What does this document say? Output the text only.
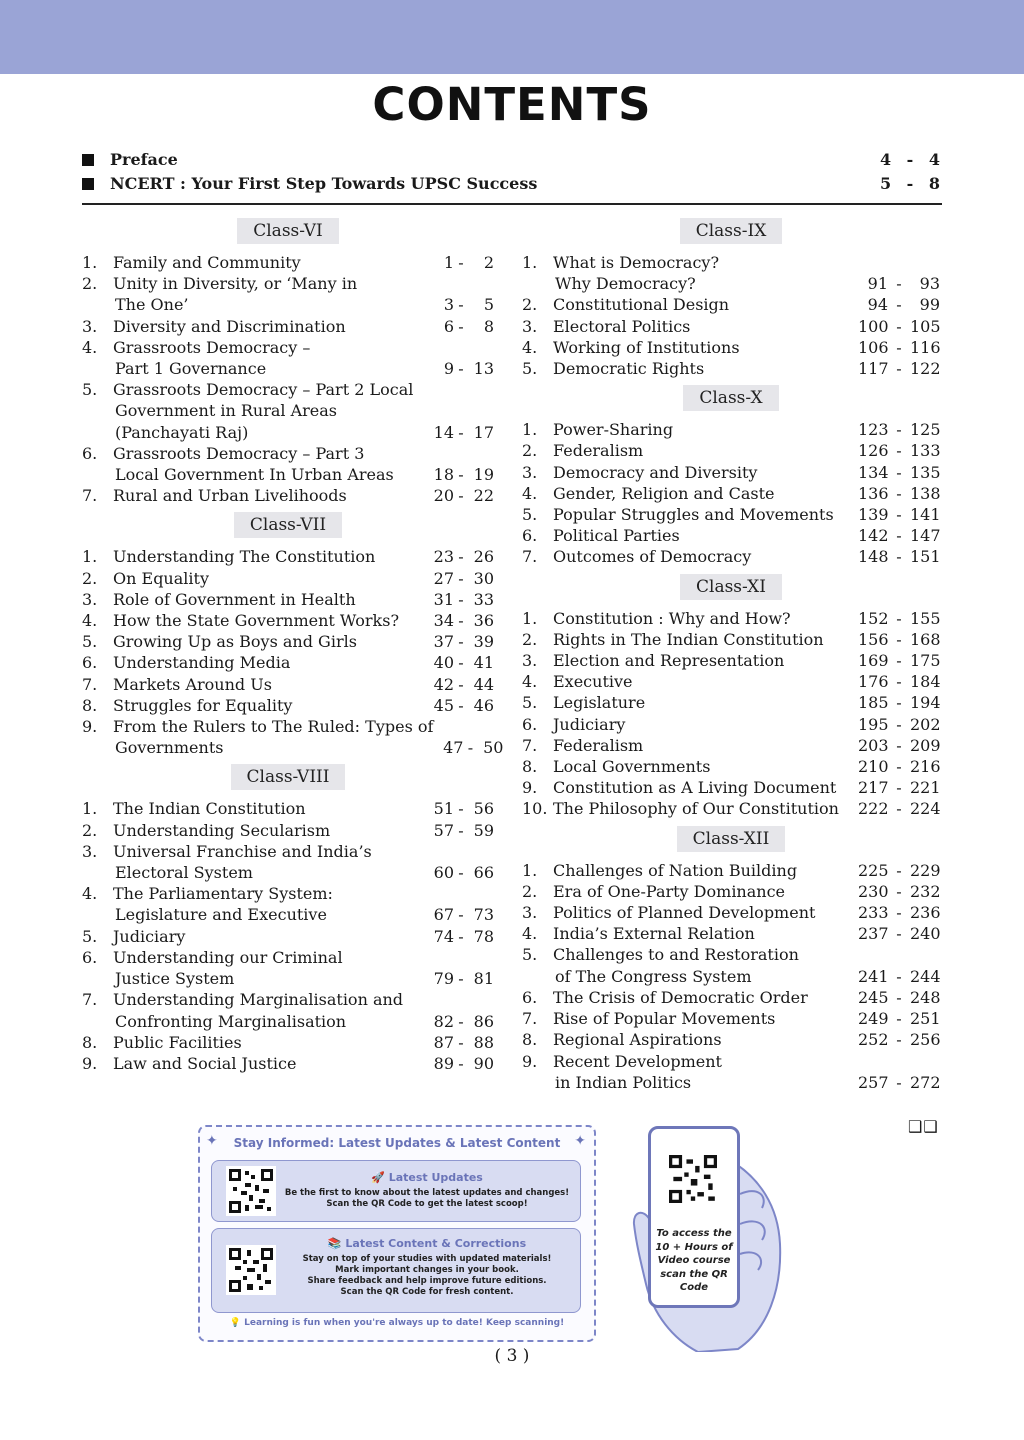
CONTENTS
Preface	4 - 4
NCERT : Your First Step Towards UPSC Success	5 - 8
Class-VI
1. Family and Community	1 -	2
2. Unity in Diversity, or ‘Many in
The One’	3 -	5
3. Diversity and Discrimination	6 -	8
4. Grassroots Democracy –
Part 1 Governance	9 - 13
5. Grassroots Democracy – Part 2 Local
Government in Rural Areas
(Panchayati Raj)	14 - 17
6. Grassroots Democracy – Part 3
Local Government In Urban Areas	18 - 19
7. Rural and Urban Livelihoods	20 - 22
Class-VII
1. Understanding The Constitution	23 - 26
2. On Equality	27 - 30
3. Role of Government in Health	31 - 33
4. How the State Government Works?	34 - 36
5. Growing Up as Boys and Girls	37 - 39
6. Understanding Media	40 - 41
7. Markets Around Us	42 - 44
8. Struggles for Equality	45 - 46
9. From the Rulers to The Ruled: Types of
Governments	47 - 50
Class-VIII
1. The Indian Constitution	51 - 56
2. Understanding Secularism	57 - 59
3. Universal Franchise and India’s
Electoral System	60 - 66
4. The Parliamentary System:
Legislature and Executive	67 - 73
5. Judiciary	74 - 78
6. Understanding our Criminal
Justice System	79 - 81
7. Understanding Marginalisation and
Confronting Marginalisation	82 - 86
8. Public Facilities	87 - 88
9. Law and Social Justice	89 - 90
Class-IX
1. What is Democracy?
Why Democracy?	91 -	93
2. Constitutional Design	94 -	99
3. Electoral Politics	100 - 105
4. Working of Institutions	106 - 116
5. Democratic Rights	117 - 122
Class-X
1. Power-Sharing	123 - 125
2. Federalism	126 - 133
3. Democracy and Diversity	134 - 135
4. Gender, Religion and Caste	136 - 138
5. Popular Struggles and Movements	139 - 141
6. Political Parties	142 - 147
7. Outcomes of Democracy	148 - 151
Class-XI
1. Constitution : Why and How?	152 - 155
2. Rights in The Indian Constitution	156 - 168
3. Election and Representation	169 - 175
4. Executive	176 - 184
5. Legislature	185 - 194
6. Judiciary	195 - 202
7. Federalism	203 - 209
8. Local Governments	210 - 216
9. Constitution as A Living Document	217 - 221
10. The Philosophy of Our Constitution	222 - 224
Class-XII
1. Challenges of Nation Building	225 - 229
2. Era of One-Party Dominance	230 - 232
3. Politics of Planned Development	233 - 236
4. India’s External Relation	237 - 240
5. Challenges to and Restoration
of The Congress System	241 - 244
6. The Crisis of Democratic Order	245 - 248
7. Rise of Popular Movements	249 - 251
8. Regional Aspirations	252 - 256
9. Recent Development
in Indian Politics	257 - 272
❑❑
✦	Stay Informed: Latest Updates & Latest Content ✦
🚀 Latest Updates
Be the first to know about the latest updates and changes!
Scan the QR Code to get the latest scoop!
📚 Latest Content & Corrections
Stay on top of your studies with updated materials!
Mark important changes in your book.
Share feedback and help improve future editions.
Scan the QR Code for fresh content.
💡 Learning is fun when you're always up to date! Keep scanning!
To access the
10 + Hours of
Video course
scan the QR
Code
( 3 )
